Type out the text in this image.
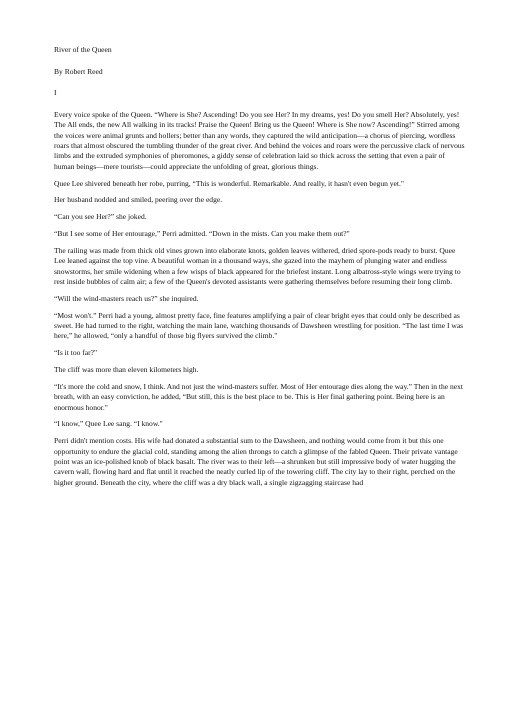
River of the Queen

By Robert Reed

I

Every voice spoke of the Queen. “Where is She? Ascending! Do you see Her? In my dreams, yes! Do you smell Her? Absolutely, yes! The All ends, the new All walking in its tracks! Praise the Queen! Bring us the Queen! Where is She now? Ascending!” Stirred among the voices were animal grunts and hollers; better than any words, they captured the wild anticipation—a chorus of piercing, wordless roars that almost obscured the tumbling thunder of the great river. And behind the voices and roars were the percussive clack of nervous limbs and the extruded symphonies of pheromones, a giddy sense of celebration laid so thick across the setting that even a pair of human beings—mere tourists—could appreciate the unfolding of great, glorious things.

Quee Lee shivered beneath her robe, purring, “This is wonderful. Remarkable. And really, it hasn't even begun yet."

Her husband nodded and smiled, peering over the edge.

“Can you see Her?” she joked.

“But I see some of Her entourage,” Perri admitted. “Down in the mists. Can you make them out?"

The railing was made from thick old vines grown into elaborate knots, golden leaves withered, dried spore-pods ready to burst. Quee Lee leaned against the top vine. A beautiful woman in a thousand ways, she gazed into the mayhem of plunging water and endless snowstorms, her smile widening when a few wisps of black appeared for the briefest instant. Long albatross-style wings were trying to rest inside bubbles of calm air; a few of the Queen's devoted assistants were gathering themselves before resuming their long climb.

“Will the wind-masters reach us?” she inquired.

“Most won't.” Perri had a young, almost pretty face, fine features amplifying a pair of clear bright eyes that could only be described as sweet. He had turned to the right, watching the main lane, watching thousands of Dawsheen wrestling for position. “The last time I was here,” he allowed, “only a handful of those big flyers survived the climb."

“Is it too far?"

The cliff was more than eleven kilometers high.

“It's more the cold and snow, I think. And not just the wind-masters suffer. Most of Her entourage dies along the way.” Then in the next breath, with an easy conviction, he added, “But still, this is the best place to be. This is Her final gathering point. Being here is an enormous honor."

“I know,” Quee Lee sang. “I know."

Perri didn't mention costs. His wife had donated a substantial sum to the Dawsheen, and nothing would come from it but this one opportunity to endure the glacial cold, standing among the alien throngs to catch a glimpse of the fabled Queen. Their private vantage point was an ice-polished knob of black basalt. The river was to their left—a shrunken but still impressive body of water hugging the cavern wall, flowing hard and flat until it reached the neatly curled lip of the towering cliff. The city lay to their right, perched on the higher ground. Beneath the city, where the cliff was a dry black wall, a single zigzagging staircase had
